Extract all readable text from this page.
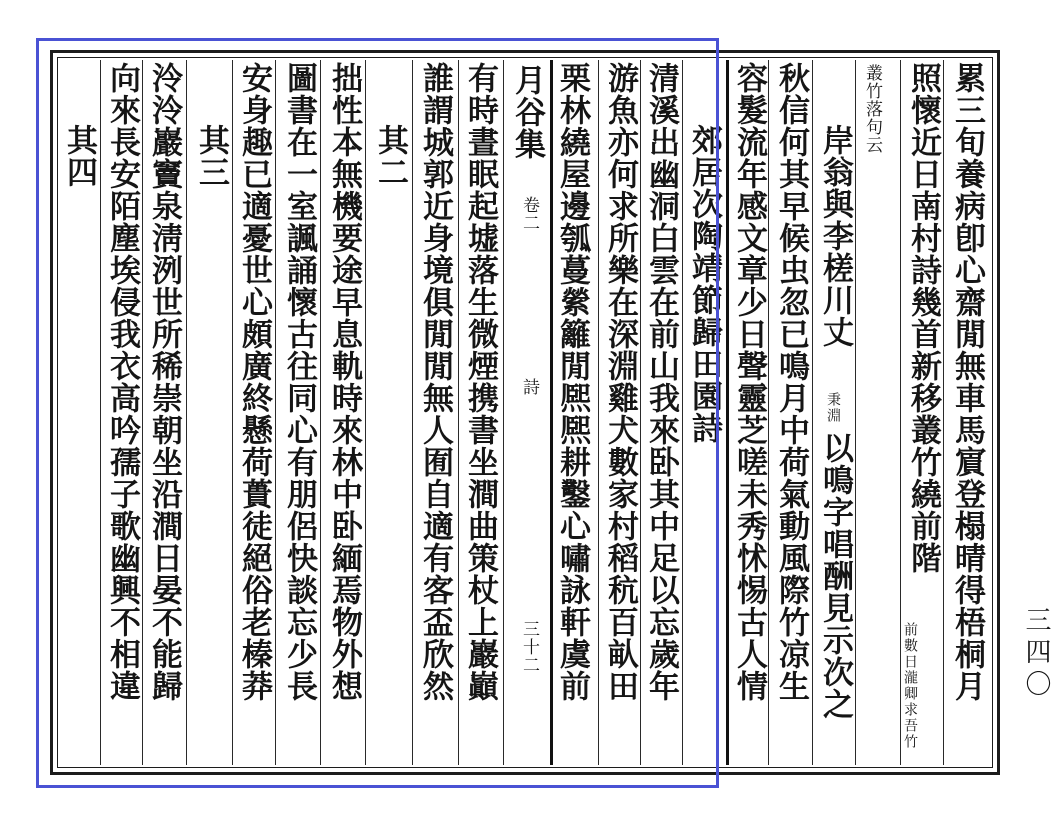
累三旬養病卽心齋閒無車馬賔登榻晴得梧桐月
照懷近日南村詩幾首新移叢竹繞前階
前數日瀧卿求吾竹
叢竹落句云
岸翁與李槎川丈
秉淵
以鳴字唱酬見示次之
秋信何其早候虫忽已鳴月中荷氣動風際竹凉生
容髮流年感文章少日聲靈芝嗟未秀怵惕古人情
郊居次陶靖節歸田園詩
清溪出幽洞白雲在前山我來卧其中足以忘歲年
游魚亦何求所樂在深淵雞犬數家村稻秔百畒田
栗林繞屋邊瓠蔓縈籬閒熈熈耕鑿心嘯詠軒虞前
月谷集
卷二
詩
三十二
有時晝眠起墟落生微煙携書坐澗曲策杖上巖巓
誰謂城郭近身境俱閒閒無人囿自適有客盃欣然
其二
拙性本無機要途早息軌時來林中卧緬焉物外想
圖書在一室諷誦懷古往同心有朋侶快談忘少長
安身趣已適憂世心頗廣終懸荷蕢徒絕俗老榛莽
其三
泠泠巖竇泉淸洌世所稀崇朝坐沿澗日晏不能歸
向來長安陌塵埃侵我衣高吟孺子歌幽興不相違
其四
三四〇
